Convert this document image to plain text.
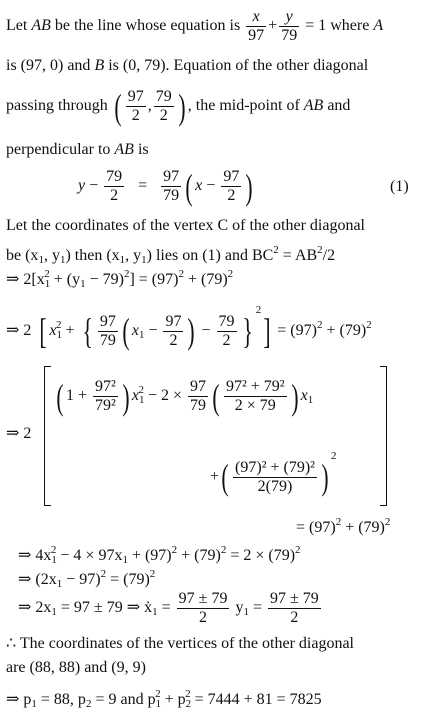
Let AB be the line whose equation is $\frac{x}{97} + \frac{y}{79} = 1$ where A
is (97, 0) and B is (0, 79). Equation of the other diagonal
passing through ( $\frac{97}{2}$ , $\frac{79}{2}$ ) , the mid-point of AB and
perpendicular to AB is
$y - \frac{79}{2} = \frac{97}{79}$ ( $x - \frac{97}{2}$ )	(1)
Let the coordinates of the vertex C of the other diagonal
be ($x_1$, $y_1$) then ($x_1$, $y_1$) lies on (1) and $BC^2 = AB^2/2$
⇒ $2[x_1^2 + (y_1 - 79)^2] = (97)^2 + (79)^2$
⇒ 2 [ $x_1^2$ + { $\frac{97}{79}$ ( $x_1 - \frac{97}{2}$ ) − $\frac{79}{2} \}^2] = (97)^2 + (79)^2$
⇒ 2
( $1 + \frac{\text{97²}}{\text{79²}}$ ) $x_1^2 - 2 \times \frac{97}{79}$ ( $\frac{\text{97² + 79²}}{2 \times 79}$ ) $x_1$
+( $\frac{\text{(97)² + (79)²}}{2(79)} )^2$
= $(97)^2 + (79)^2$
⇒ $4x_1^2 - 4 \times 97x_1 + (97)^2 + (79)^2 = 2 \times (79)^2$
⇒ $(2x_1 - 97)^2 = (79)^2$
⇒ $2x_1 = 97 \pm 79$ ⇒ ẋ$_1$ = $\frac{97 \pm 79}{2} y_1 = \frac{97 \pm 79}{2}$
∴ The coordinates of the vertices of the other diagonal
are (88, 88) and (9, 9)
⇒ $p_1 = 88$, $p_2 = 9$ and $p_1^2 + p_2^2 = 7444 + 81 = 7825$
